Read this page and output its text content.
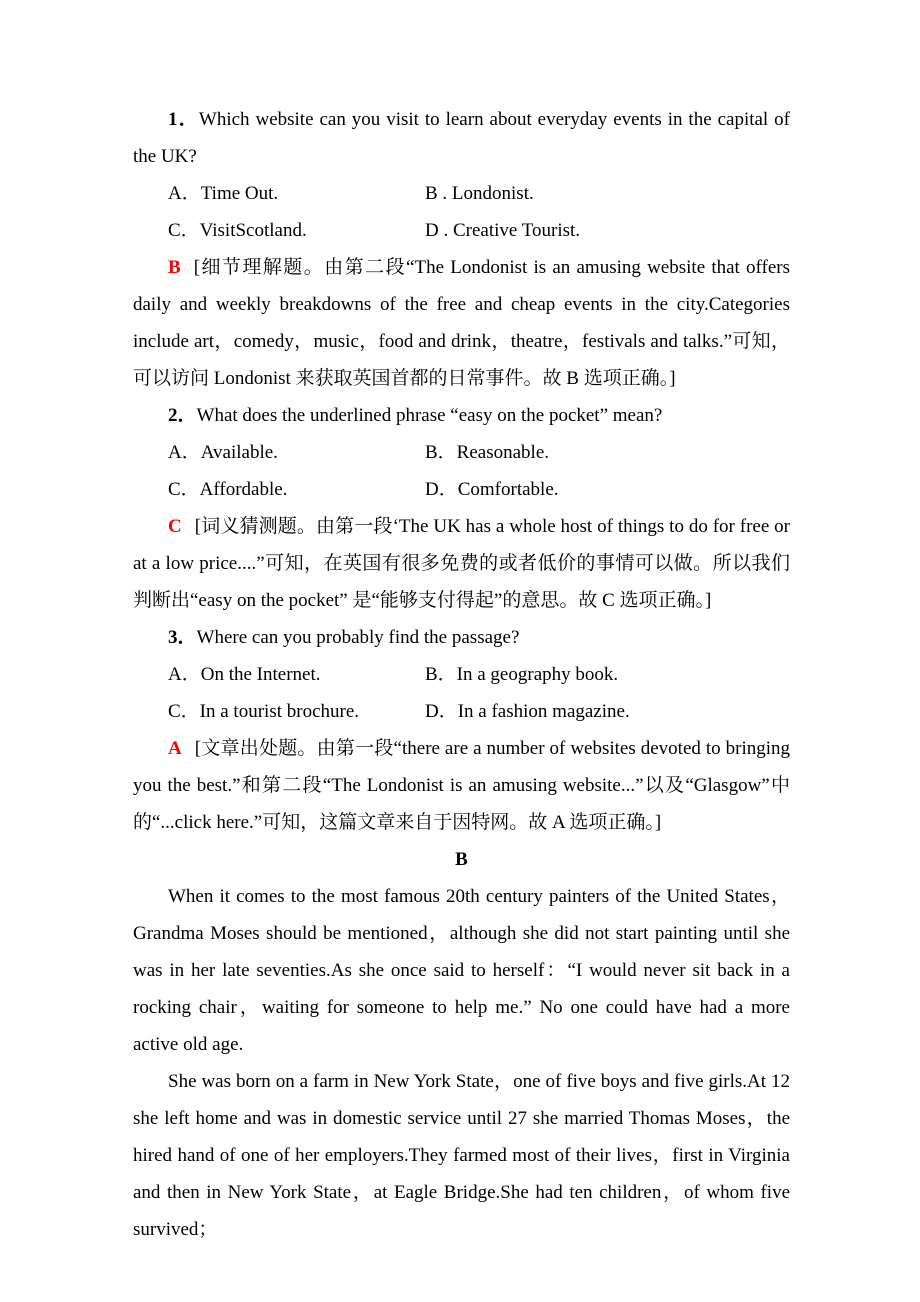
1．Which website can you visit to learn about everyday events in the capital of the UK?

A．Time Out.	B . Londonist.
C．VisitScotland.	D . Creative Tourist.

B [细节理解题。由第二段“The Londonist is an amusing website that offers daily and weekly breakdowns of the free and cheap events in the city.Categories include art，comedy，music，food and drink，theatre，festivals and talks.”可知，可以访问 Londonist 来获取英国首都的日常事件。故 B 选项正确。]

2．What does the underlined phrase “easy on the pocket” mean?

A．Available.	B．Reasonable.
C．Affordable.	D．Comfortable.

C [词义猜测题。由第一段‘The UK has a whole host of things to do for free or at a low price....”可知，在英国有很多免费的或者低价的事情可以做。所以我们判断出“easy on the pocket” 是“能够支付得起”的意思。故 C 选项正确。]

3．Where can you probably find the passage?

A．On the Internet.	B．In a geography book.
C．In a tourist brochure.	D．In a fashion magazine.

A [文章出处题。由第一段“there are a number of websites devoted to bringing you the best.”和第二段“The Londonist is an amusing website...”以及“Glasgow”中的“...click here.”可知，这篇文章来自于因特网。故 A 选项正确。]

B

When it comes to the most famous 20th century painters of the United States，Grandma Moses should be mentioned，although she did not start painting until she was in her late seventies.As she once said to herself：“I would never sit back in a rocking chair，waiting for someone to help me.” No one could have had a more active old age.

She was born on a farm in New York State，one of five boys and five girls.At 12 she left home and was in domestic service until 27 she married Thomas Moses，the hired hand of one of her employers.They farmed most of their lives，first in Virginia and then in New York State，at Eagle Bridge.She had ten children，of whom five survived；
